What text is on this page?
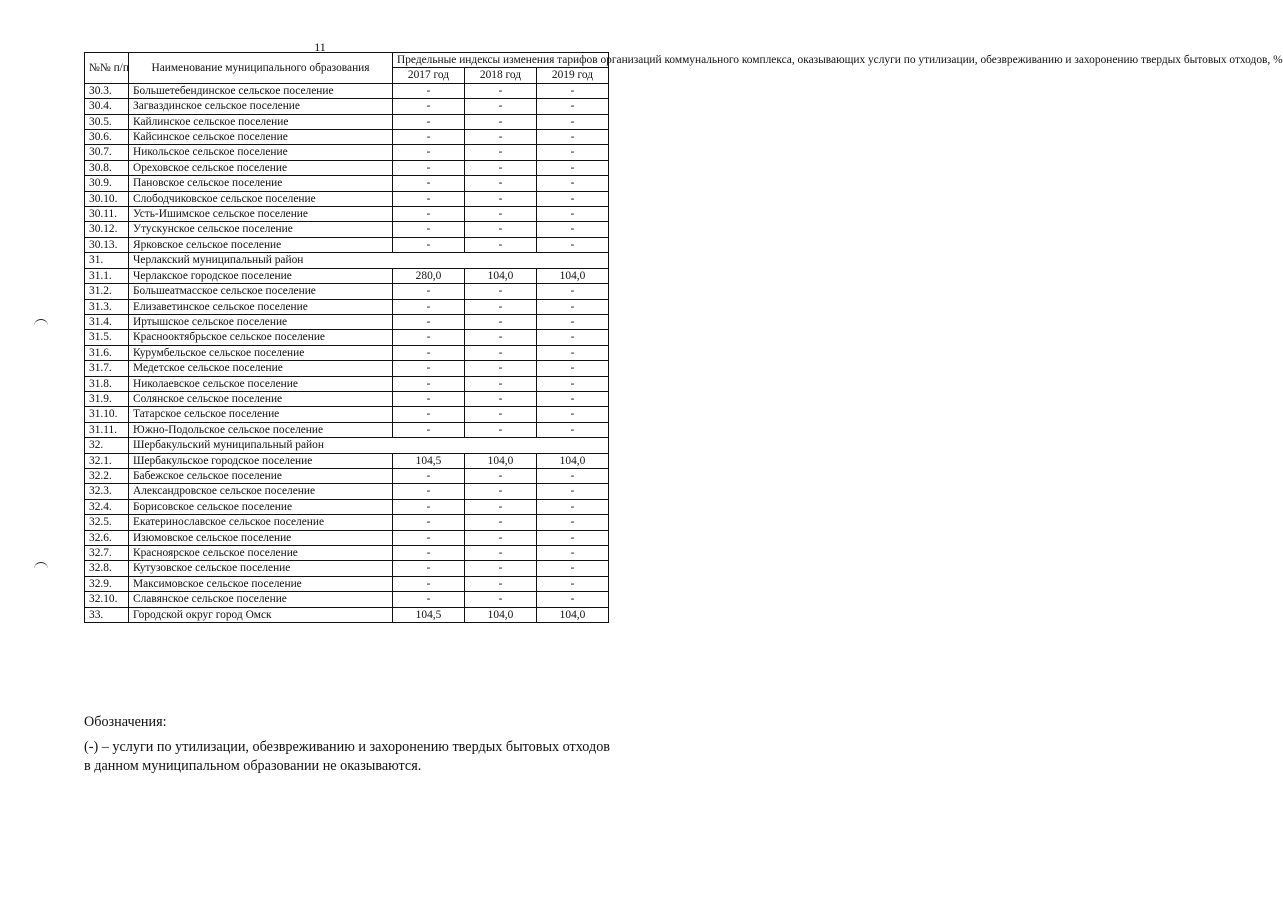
11
№№ п/п	Наименование муниципального образования	Предельные индексы изменения тарифов организаций коммунального комплекса, оказывающих услуги по утилизации, обезвреживанию и захоронению твердых бытовых отходов, %		
		2017 год	2018 год	2019 год
30.3.	Большетебендинское сельское поселение	-	-	-
30.4.	Загваздинское сельское поселение	-	-	-
30.5.	Кайлинское сельское поселение	-	-	-
30.6.	Кайсинское сельское поселение	-	-	-
30.7.	Никольское сельское поселение	-	-	-
30.8.	Ореховское сельское поселение	-	-	-
30.9.	Пановское сельское поселение	-	-	-
30.10.	Слободчиковское сельское поселение	-	-	-
30.11.	Усть-Ишимское сельское поселение	-	-	-
30.12.	Утускунское сельское поселение	-	-	-
30.13.	Ярковское сельское поселение	-	-	-
31.	Черлакский муниципальный район			
31.1.	Черлакское городское поселение	280,0	104,0	104,0
31.2.	Большеатмасское сельское поселение	-	-	-
31.3.	Елизаветинское сельское поселение	-	-	-
31.4.	Иртышское сельское поселение	-	-	-
31.5.	Краснооктябрьское сельское поселение	-	-	-
31.6.	Курумбельское сельское поселение	-	-	-
31.7.	Медетское сельское поселение	-	-	-
31.8.	Николаевское сельское поселение	-	-	-
31.9.	Солянское сельское поселение	-	-	-
31.10.	Татарское сельское поселение	-	-	-
31.11.	Южно-Подольское сельское поселение	-	-	-
32.	Шербакульский муниципальный район			
32.1.	Шербакульское городское поселение	104,5	104,0	104,0
32.2.	Бабежское сельское поселение	-	-	-
32.3.	Александровское сельское поселение	-	-	-
32.4.	Борисовское сельское поселение	-	-	-
32.5.	Екатеринославское сельское поселение	-	-	-
32.6.	Изюмовское сельское поселение	-	-	-
32.7.	Красноярское сельское поселение	-	-	-
32.8.	Кутузовское сельское поселение	-	-	-
32.9.	Максимовское сельское поселение	-	-	-
32.10.	Славянское сельское поселение	-	-	-
33.	Городской округ город Омск	104,5	104,0	104,0
Обозначения:
(-) – услуги по утилизации, обезвреживанию и захоронению твердых бытовых отходов в данном муниципальном образовании не оказываются.
